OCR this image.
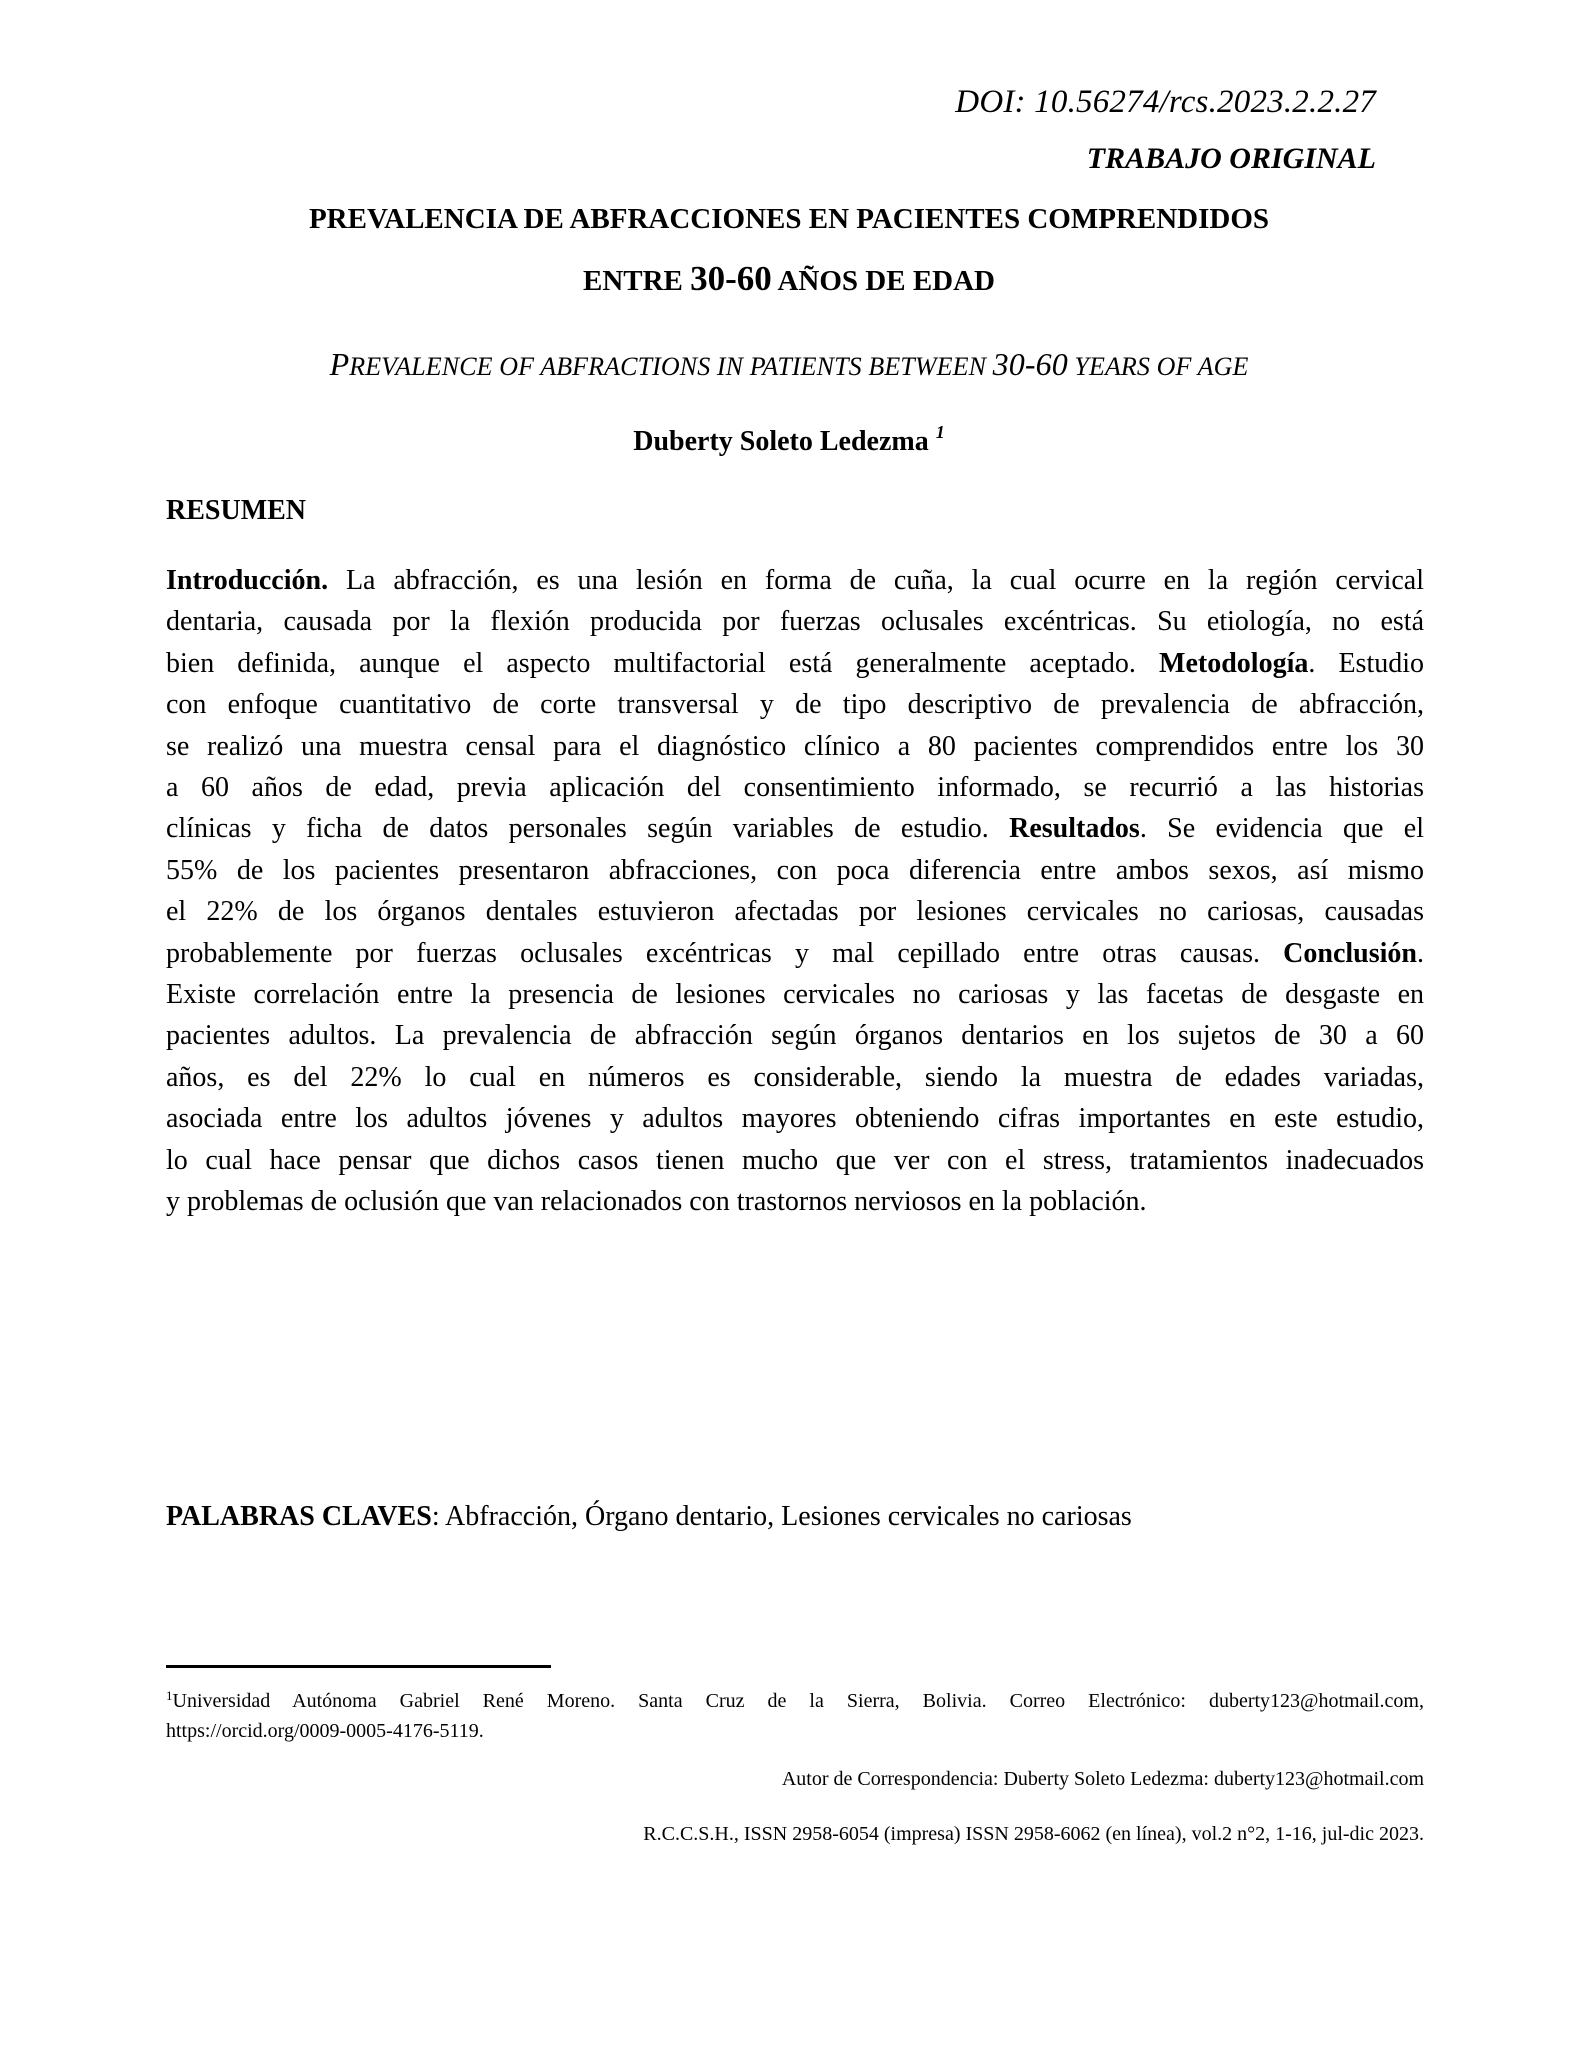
DOI: 10.56274/rcs.2023.2.2.27
TRABAJO ORIGINAL
PREVALENCIA DE ABFRACCIONES EN PACIENTES COMPRENDIDOS
ENTRE 30-60 AÑOS DE EDAD
PREVALENCE OF ABFRACTIONS IN PATIENTS BETWEEN 30-60 YEARS OF AGE
Duberty Soleto Ledezma $^1$
RESUMEN
Introducción. La abfracción, es una lesión en forma de cuña, la cual ocurre en la región cervical
dentaria, causada por la flexión producida por fuerzas oclusales excéntricas. Su etiología, no está
bien definida, aunque el aspecto multifactorial está generalmente aceptado. Metodología. Estudio
con enfoque cuantitativo de corte transversal y de tipo descriptivo de prevalencia de abfracción,
se realizó una muestra censal para el diagnóstico clínico a 80 pacientes comprendidos entre los 30
a 60 años de edad, previa aplicación del consentimiento informado, se recurrió a las historias
clínicas y ficha de datos personales según variables de estudio. Resultados. Se evidencia que el
55% de los pacientes presentaron abfracciones, con poca diferencia entre ambos sexos, así mismo
el 22% de los órganos dentales estuvieron afectadas por lesiones cervicales no cariosas, causadas
probablemente por fuerzas oclusales excéntricas y mal cepillado entre otras causas. Conclusión.
Existe correlación entre la presencia de lesiones cervicales no cariosas y las facetas de desgaste en
pacientes adultos. La prevalencia de abfracción según órganos dentarios en los sujetos de 30 a 60
años, es del 22% lo cual en números es considerable, siendo la muestra de edades variadas,
asociada entre los adultos jóvenes y adultos mayores obteniendo cifras importantes en este estudio,
lo cual hace pensar que dichos casos tienen mucho que ver con el stress, tratamientos inadecuados
y problemas de oclusión que van relacionados con trastornos nerviosos en la población.
PALABRAS CLAVES: Abfracción, Órgano dentario, Lesiones cervicales no cariosas
$^1$Universidad Autónoma Gabriel René Moreno. Santa Cruz de la Sierra, Bolivia. Correo Electrónico: duberty123@hotmail.com,
https://orcid.org/0009-0005-4176-5119.
Autor de Correspondencia: Duberty Soleto Ledezma: duberty123@hotmail.com
R.C.C.S.H., ISSN 2958-6054 (impresa) ISSN 2958-6062 (en línea), vol.2 n°2, 1-16, jul-dic 2023.
